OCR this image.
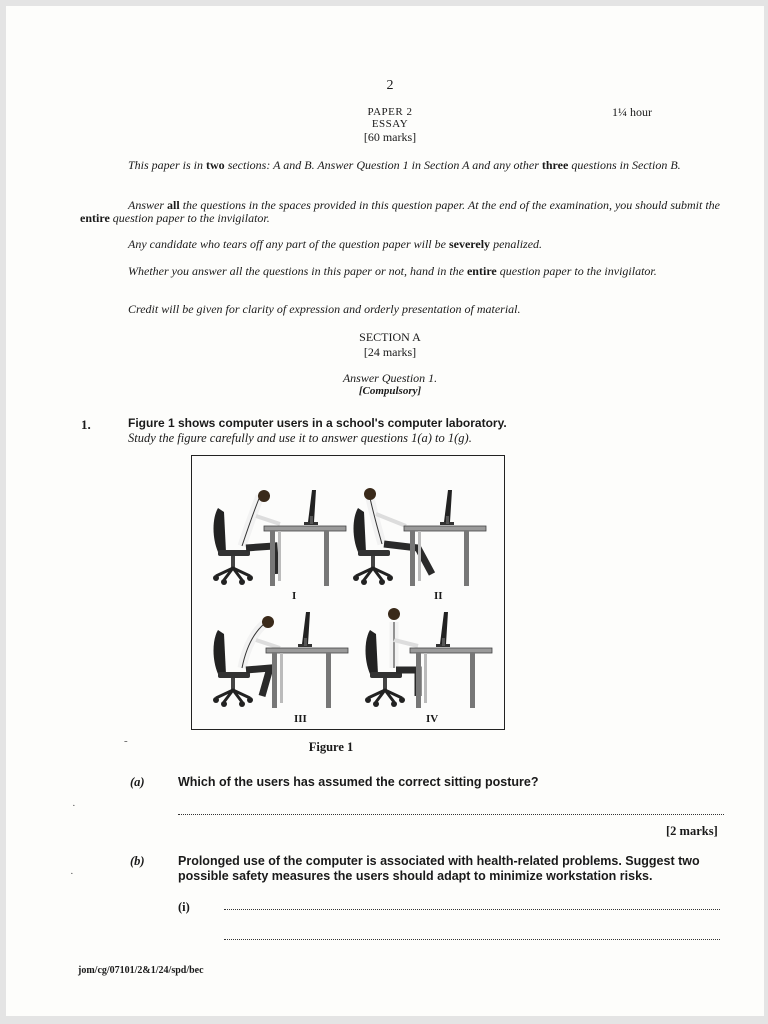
2
PAPER 2
ESSAY
[60 marks]
1¼ hour
This paper is in two sections: A and B. Answer Question 1 in Section A and any other three questions in Section B.
Answer all the questions in the spaces provided in this question paper. At the end of the examination, you should submit the entire question paper to the invigilator.
Any candidate who tears off any part of the question paper will be severely penalized.
Whether you answer all the questions in this paper or not, hand in the entire question paper to the invigilator.
Credit will be given for clarity of expression and orderly presentation of material.
SECTION A
[24 marks]
Answer Question 1.
[Compulsory]
1.	Figure 1 shows computer users in a school's computer laboratory.
Study the figure carefully and use it to answer questions 1(a) to 1(g).
I	II
III	IV
Figure 1
(a)	Which of the users has assumed the correct sitting posture?
[2 marks]
(b)	Prolonged use of the computer is associated with health-related problems. Suggest two possible safety measures the users should adapt to minimize workstation risks.
(i)
jom/cg/07101/2&1/24/spd/bec
-
·
·
